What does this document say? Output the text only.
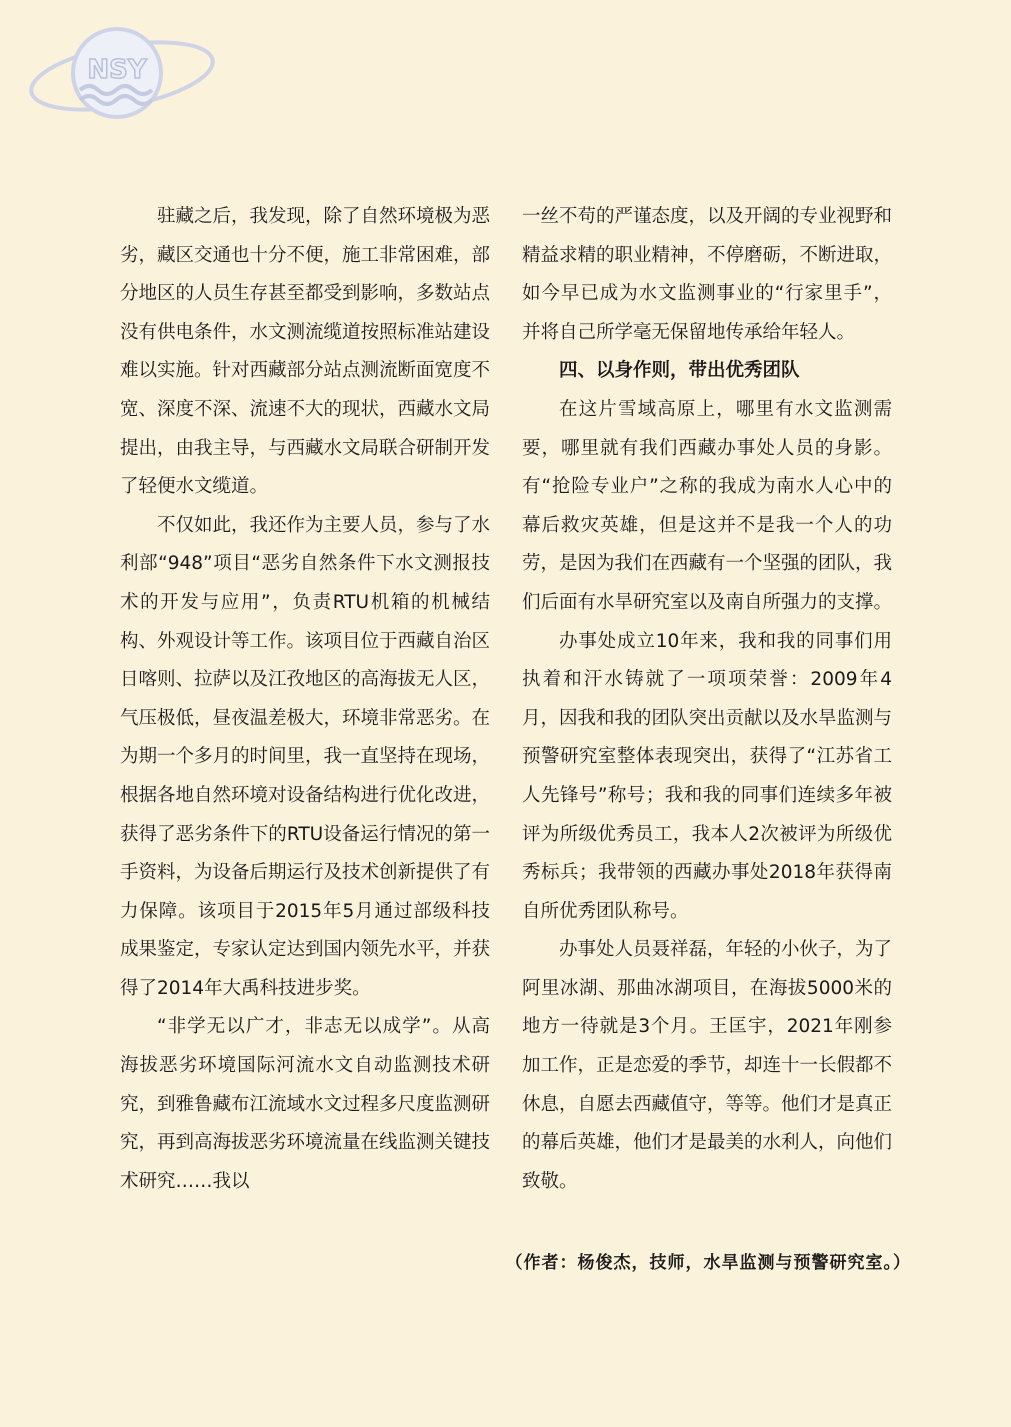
NSY

驻藏之后，我发现，除了自然环境极为恶劣，藏区交通也十分不便，施工非常困难，部分地区的人员生存甚至都受到影响，多数站点没有供电条件，水文测流缆道按照标准站建设难以实施。针对西藏部分站点测流断面宽度不宽、深度不深、流速不大的现状，西藏水文局提出，由我主导，与西藏水文局联合研制开发了轻便水文缆道。

不仅如此，我还作为主要人员，参与了水利部“948”项目“恶劣自然条件下水文测报技术的开发与应用”，负责RTU机箱的机械结构、外观设计等工作。该项目位于西藏自治区日喀则、拉萨以及江孜地区的高海拔无人区，气压极低，昼夜温差极大，环境非常恶劣。在为期一个多月的时间里，我一直坚持在现场，根据各地自然环境对设备结构进行优化改进，获得了恶劣条件下的RTU设备运行情况的第一手资料，为设备后期运行及技术创新提供了有力保障。该项目于2015年5月通过部级科技成果鉴定，专家认定达到国内领先水平，并获得了2014年大禹科技进步奖。

“非学无以广才，非志无以成学”。从高海拔恶劣环境国际河流水文自动监测技术研究，到雅鲁藏布江流域水文过程多尺度监测研究，再到高海拔恶劣环境流量在线监测关键技术研究……我以

一丝不苟的严谨态度，以及开阔的专业视野和精益求精的职业精神，不停磨砺，不断进取，如今早已成为水文监测事业的“行家里手”，并将自己所学毫无保留地传承给年轻人。

四、以身作则，带出优秀团队

在这片雪域高原上，哪里有水文监测需要，哪里就有我们西藏办事处人员的身影。有“抢险专业户”之称的我成为南水人心中的幕后救灾英雄，但是这并不是我一个人的功劳，是因为我们在西藏有一个坚强的团队，我们后面有水旱研究室以及南自所强力的支撑。

办事处成立10年来，我和我的同事们用执着和汗水铸就了一项项荣誉：2009年4月，因我和我的团队突出贡献以及水旱监测与预警研究室整体表现突出，获得了“江苏省工人先锋号”称号；我和我的同事们连续多年被评为所级优秀员工，我本人2次被评为所级优秀标兵；我带领的西藏办事处2018年获得南自所优秀团队称号。

办事处人员聂祥磊，年轻的小伙子，为了阿里冰湖、那曲冰湖项目，在海拔5000米的地方一待就是3个月。王匡宇，2021年刚参加工作，正是恋爱的季节，却连十一长假都不休息，自愿去西藏值守，等等。他们才是真正的幕后英雄，他们才是最美的水利人，向他们致敬。

（作者：杨俊杰，技师，水旱监测与预警研究室。）
